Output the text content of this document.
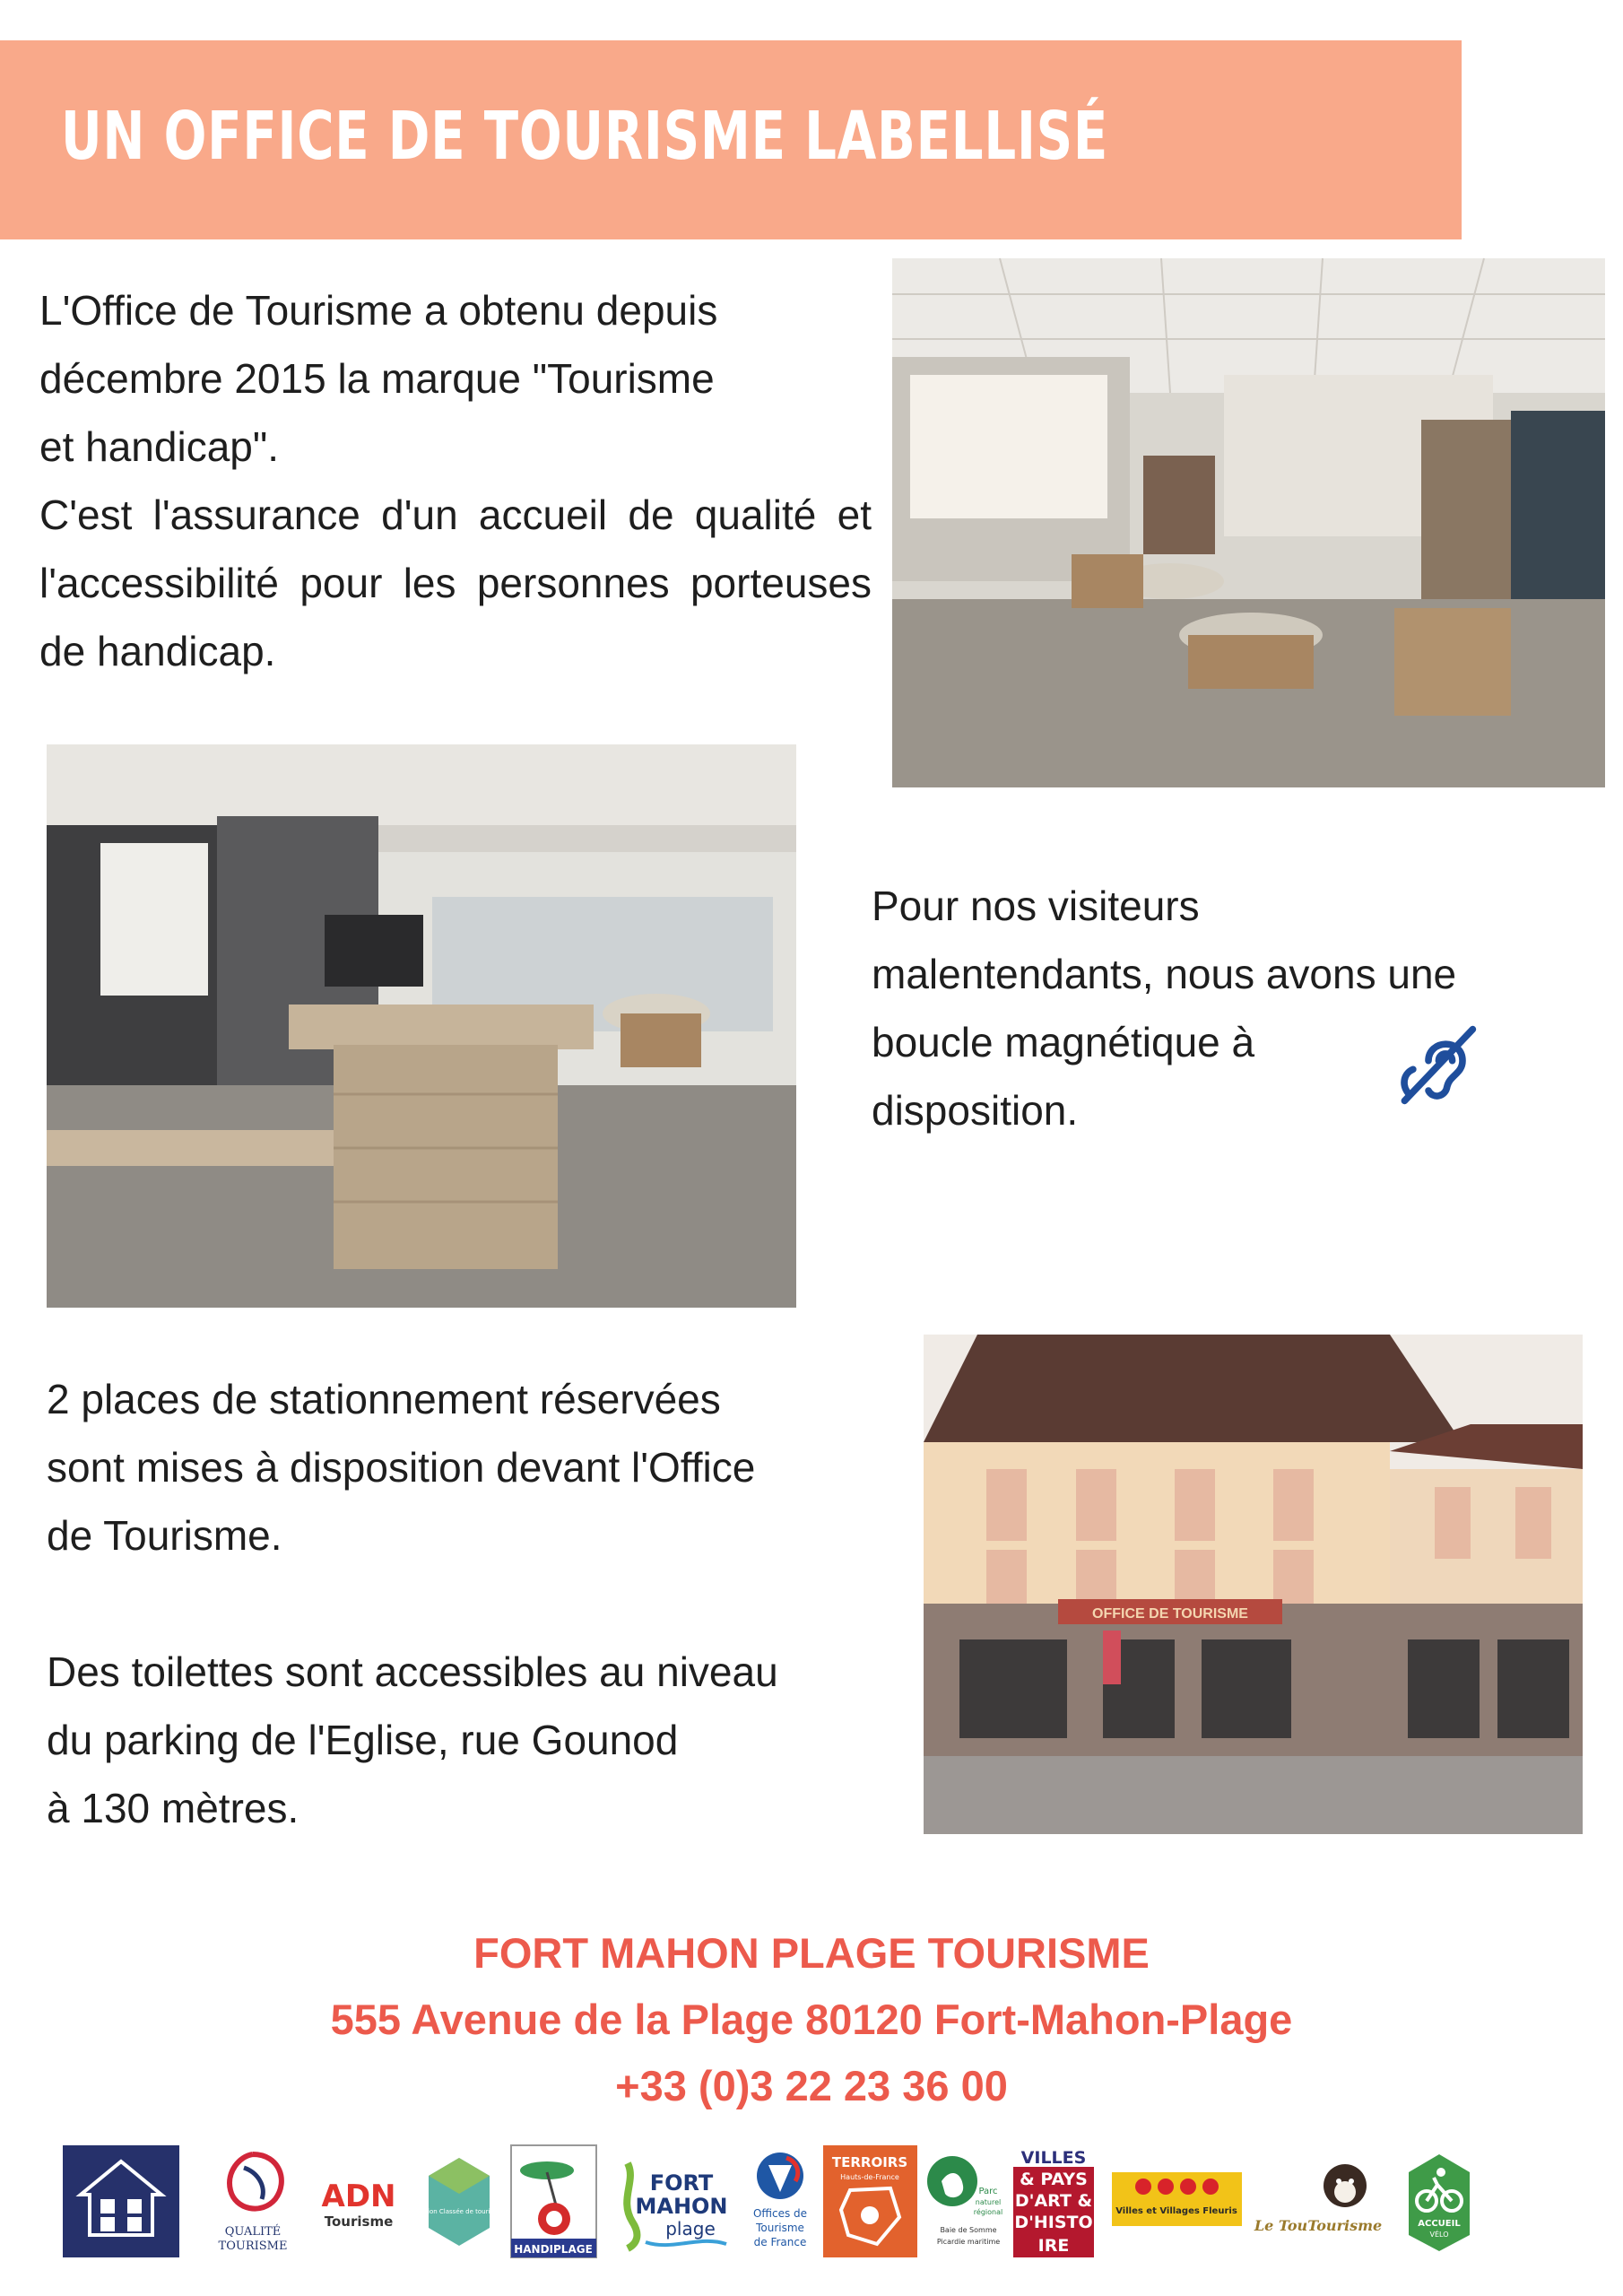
UN OFFICE DE TOURISME LABELLISÉ

L'Office de Tourisme a obtenu depuis

décembre 2015 la marque "Tourisme

et handicap".

C'est l'assurance d'un accueil de qualité et l'accessibilité pour les personnes porteuses de handicap.

Pour nos visiteurs

malentendants, nous avons une

boucle magnétique à

disposition.

OFFICE DE TOURISME

2 places de stationnement réservées

sont mises à disposition devant l'Office

de Tourisme.

Des toilettes sont accessibles au niveau

du parking de l'Eglise, rue Gounod

à 130 mètres.

FORT MAHON PLAGE TOURISME

555 Avenue de la Plage 80120 Fort-Mahon-Plage

+33 (0)3 22 23 36 00

QUALITÉ
TOURISME
ADN
Tourisme
Station Classée de tourisme
HANDIPLAGE
FORT
MAHON
plage
Offices de
Tourisme
de France
TERROIRS
Hauts-de-France
Parc
naturel
régional
Baie de Somme
Picardie maritime
VILLES
& PAYS
D'ART &
D'HISTO
IRE
Villes et Villages Fleuris
Le TouTourisme	ACCUEIL
VÉLO
